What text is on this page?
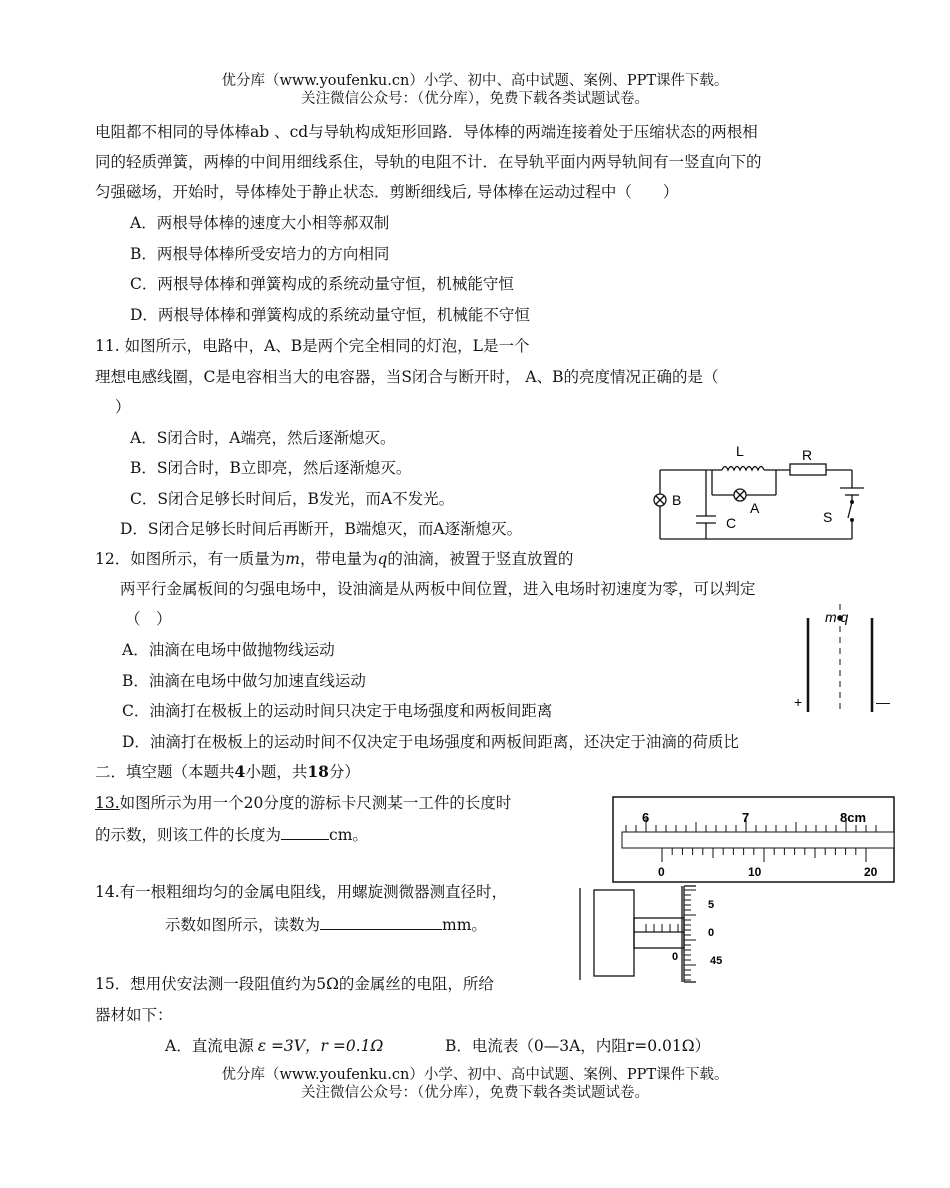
优分库（www.youfenku.cn）小学、初中、高中试题、案例、PPT课件下载。
关注微信公众号：（优分库），免费下载各类试题试卷。
电阻都不相同的导体棒ab 、cd与导轨构成矩形回路．导体棒的两端连接着处于压缩状态的两根相
同的轻质弹簧，两棒的中间用细线系住，导轨的电阻不计．在导轨平面内两导轨间有一竖直向下的
匀强磁场，开始时，导体棒处于静止状态．剪断细线后, 导体棒在运动过程中（　　）
A．两根导体棒的速度大小相等郝双制
B．两根导体棒所受安培力的方向相同
C．两根导体棒和弹簧构成的系统动量守恒，机械能守恒
D．两根导体棒和弹簧构成的系统动量守恒，机械能不守恒
11. 如图所示，电路中，A、B是两个完全相同的灯泡，L是一个
理想电感线圈，C是电容相当大的电容器，当S闭合与断开时， A、B的亮度情况正确的是（
）
A．S闭合时，A端亮，然后逐渐熄灭。
B．S闭合时，B立即亮，然后逐渐熄灭。
C．S闭合足够长时间后，B发光，而A不发光。
D．S闭合足够长时间后再断开，B端熄灭，而A逐渐熄灭。
L	R
A
B
C	S
12．如图所示，有一质量为m，带电量为q的油滴，被置于竖直放置的
两平行金属板间的匀强电场中，设油滴是从两板中间位置，进入电场时初速度为零，可以判定
（　）
A．油滴在电场中做抛物线运动
B．油滴在电场中做匀加速直线运动
C．油滴打在极板上的运动时间只决定于电场强度和两板间距离
D．油滴打在极板上的运动时间不仅决定于电场强度和两板间距离，还决定于油滴的荷质比
m q
+	—
二．填空题（本题共4小题，共18分）
13.如图所示为用一个20分度的游标卡尺测某一工件的长度时
的示数，则该工件的长度为	cm。
6	7	8cm
0	10	20
14.有一根粗细均匀的金属电阻线，用螺旋测微器测直径时，
示数如图所示，读数为	mm。
5
0
45
0
15．想用伏安法测一段阻值约为5Ω的金属丝的电阻，所给
器材如下：
A．直流电源 ε =3V，r =0.1Ω	B．电流表（0—3A，内阻r=0.01Ω）
优分库（www.youfenku.cn）小学、初中、高中试题、案例、PPT课件下载。
关注微信公众号：（优分库），免费下载各类试题试卷。
